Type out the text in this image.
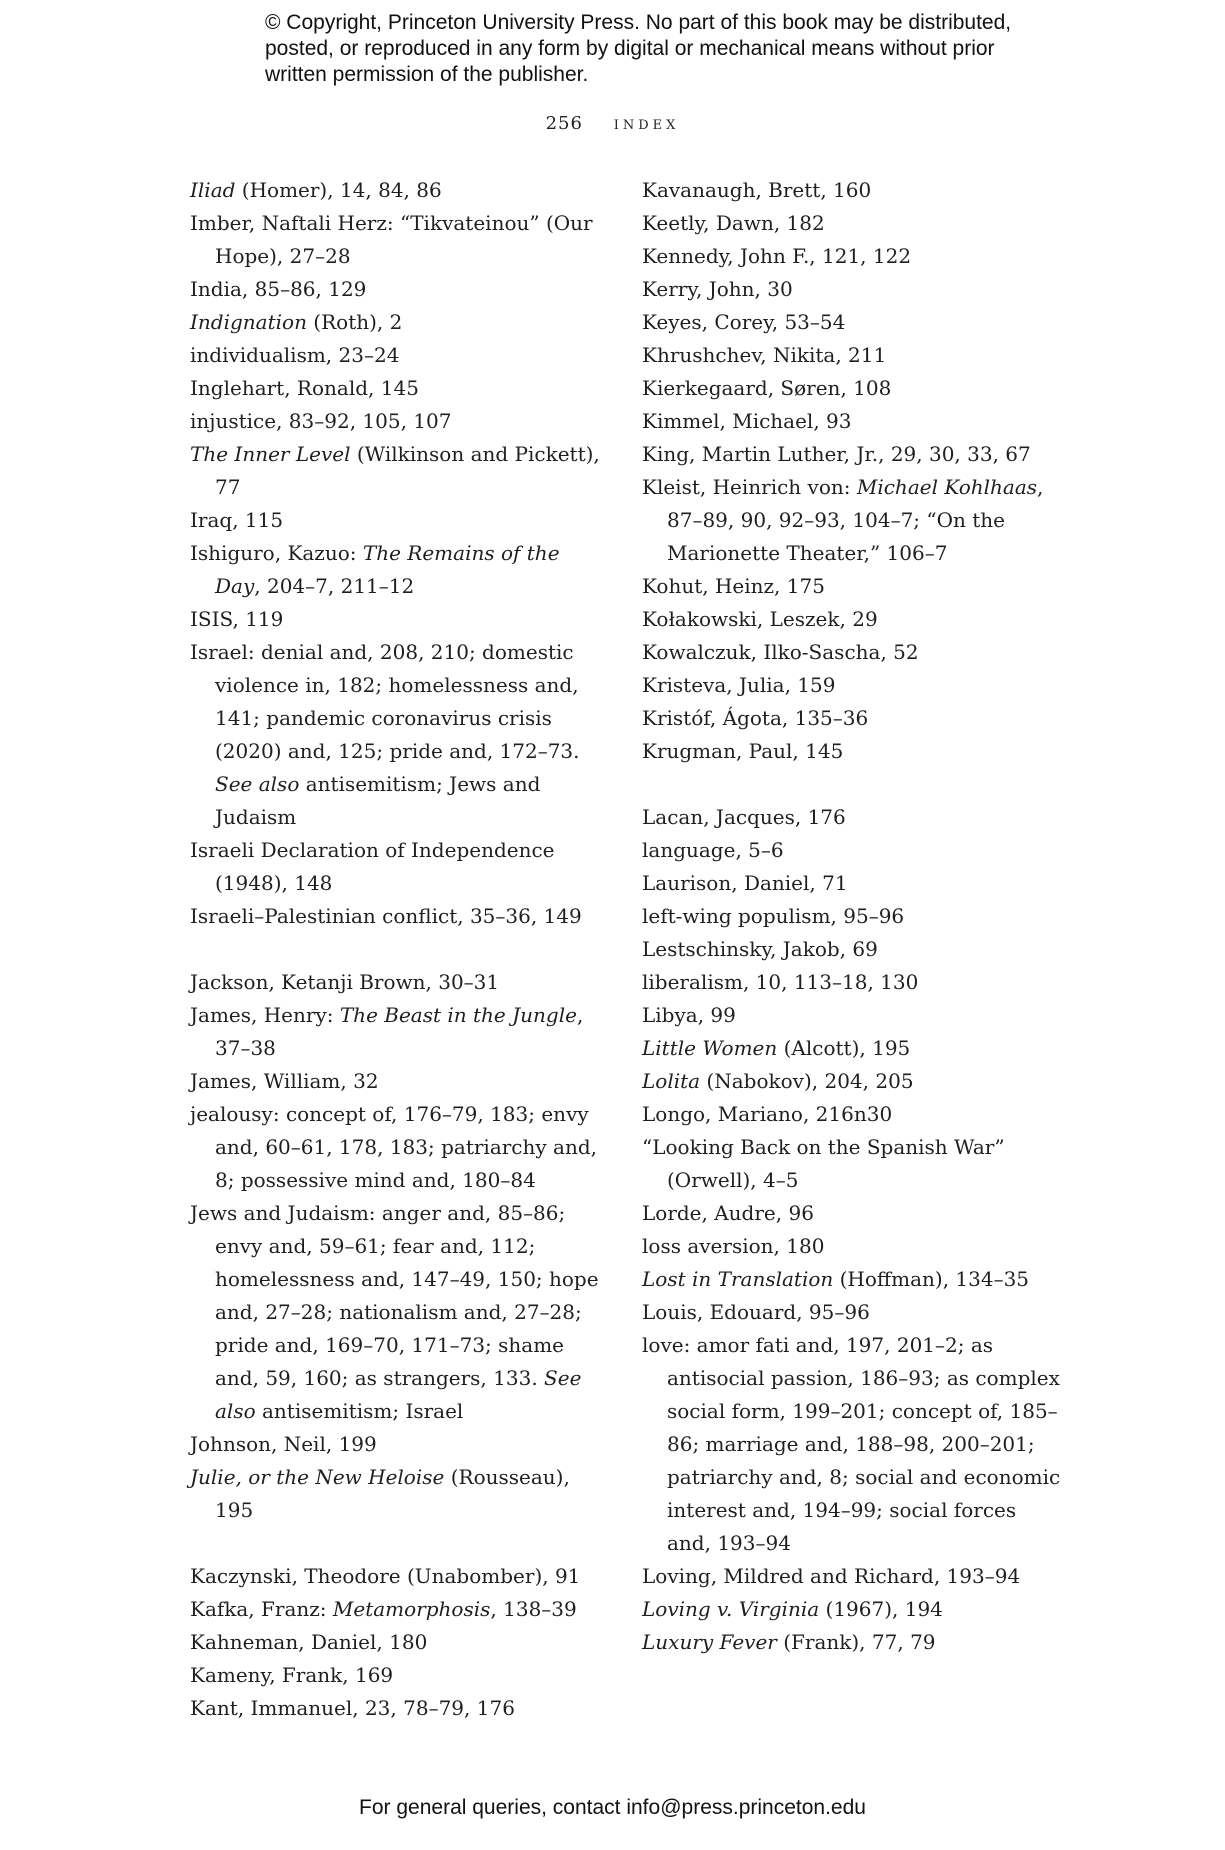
© Copyright, Princeton University Press. No part of this book may be distributed, posted, or reproduced in any form by digital or mechanical means without prior written permission of the publisher.
256 index
Iliad (Homer), 14, 84, 86
Imber, Naftali Herz: “Tikvateinou” (Our Hope), 27–28
India, 85–86, 129
Indignation (Roth), 2
individualism, 23–24
Inglehart, Ronald, 145
injustice, 83–92, 105, 107
The Inner Level (Wilkinson and Pickett), 77
Iraq, 115
Ishiguro, Kazuo: The Remains of the Day, 204–7, 211–12
ISIS, 119
Israel: denial and, 208, 210; domestic violence in, 182; homelessness and, 141; pandemic coronavirus crisis (2020) and, 125; pride and, 172–73. See also antisemitism; Jews and Judaism
Israeli Declaration of Independence (1948), 148
Israeli–Palestinian conflict, 35–36, 149
Jackson, Ketanji Brown, 30–31
James, Henry: The Beast in the Jungle, 37–38
James, William, 32
jealousy: concept of, 176–79, 183; envy and, 60–61, 178, 183; patriarchy and, 8; possessive mind and, 180–84
Jews and Judaism: anger and, 85–86; envy and, 59–61; fear and, 112; homelessness and, 147–49, 150; hope and, 27–28; nationalism and, 27–28; pride and, 169–70, 171–73; shame and, 59, 160; as strangers, 133. See also antisemitism; Israel
Johnson, Neil, 199
Julie, or the New Heloise (Rousseau), 195
Kaczynski, Theodore (Unabomber), 91
Kafka, Franz: Metamorphosis, 138–39
Kahneman, Daniel, 180
Kameny, Frank, 169
Kant, Immanuel, 23, 78–79, 176
Kavanaugh, Brett, 160
Keetly, Dawn, 182
Kennedy, John F., 121, 122
Kerry, John, 30
Keyes, Corey, 53–54
Khrushchev, Nikita, 211
Kierkegaard, Søren, 108
Kimmel, Michael, 93
King, Martin Luther, Jr., 29, 30, 33, 67
Kleist, Heinrich von: Michael Kohlhaas, 87–89, 90, 92–93, 104–7; “On the Marionette Theater,” 106–7
Kohut, Heinz, 175
Kołakowski, Leszek, 29
Kowalczuk, Ilko-Sascha, 52
Kristeva, Julia, 159
Kristóf, Ágota, 135–36
Krugman, Paul, 145
Lacan, Jacques, 176
language, 5–6
Laurison, Daniel, 71
left-wing populism, 95–96
Lestschinsky, Jakob, 69
liberalism, 10, 113–18, 130
Libya, 99
Little Women (Alcott), 195
Lolita (Nabokov), 204, 205
Longo, Mariano, 216n30
“Looking Back on the Spanish War” (Orwell), 4–5
Lorde, Audre, 96
loss aversion, 180
Lost in Translation (Hoffman), 134–35
Louis, Edouard, 95–96
love: amor fati and, 197, 201–2; as antisocial passion, 186–93; as complex social form, 199–201; concept of, 185–86; marriage and, 188–98, 200–201; patriarchy and, 8; social and economic interest and, 194–99; social forces and, 193–94
Loving, Mildred and Richard, 193–94
Loving v. Virginia (1967), 194
Luxury Fever (Frank), 77, 79
For general queries, contact info@press.princeton.edu
